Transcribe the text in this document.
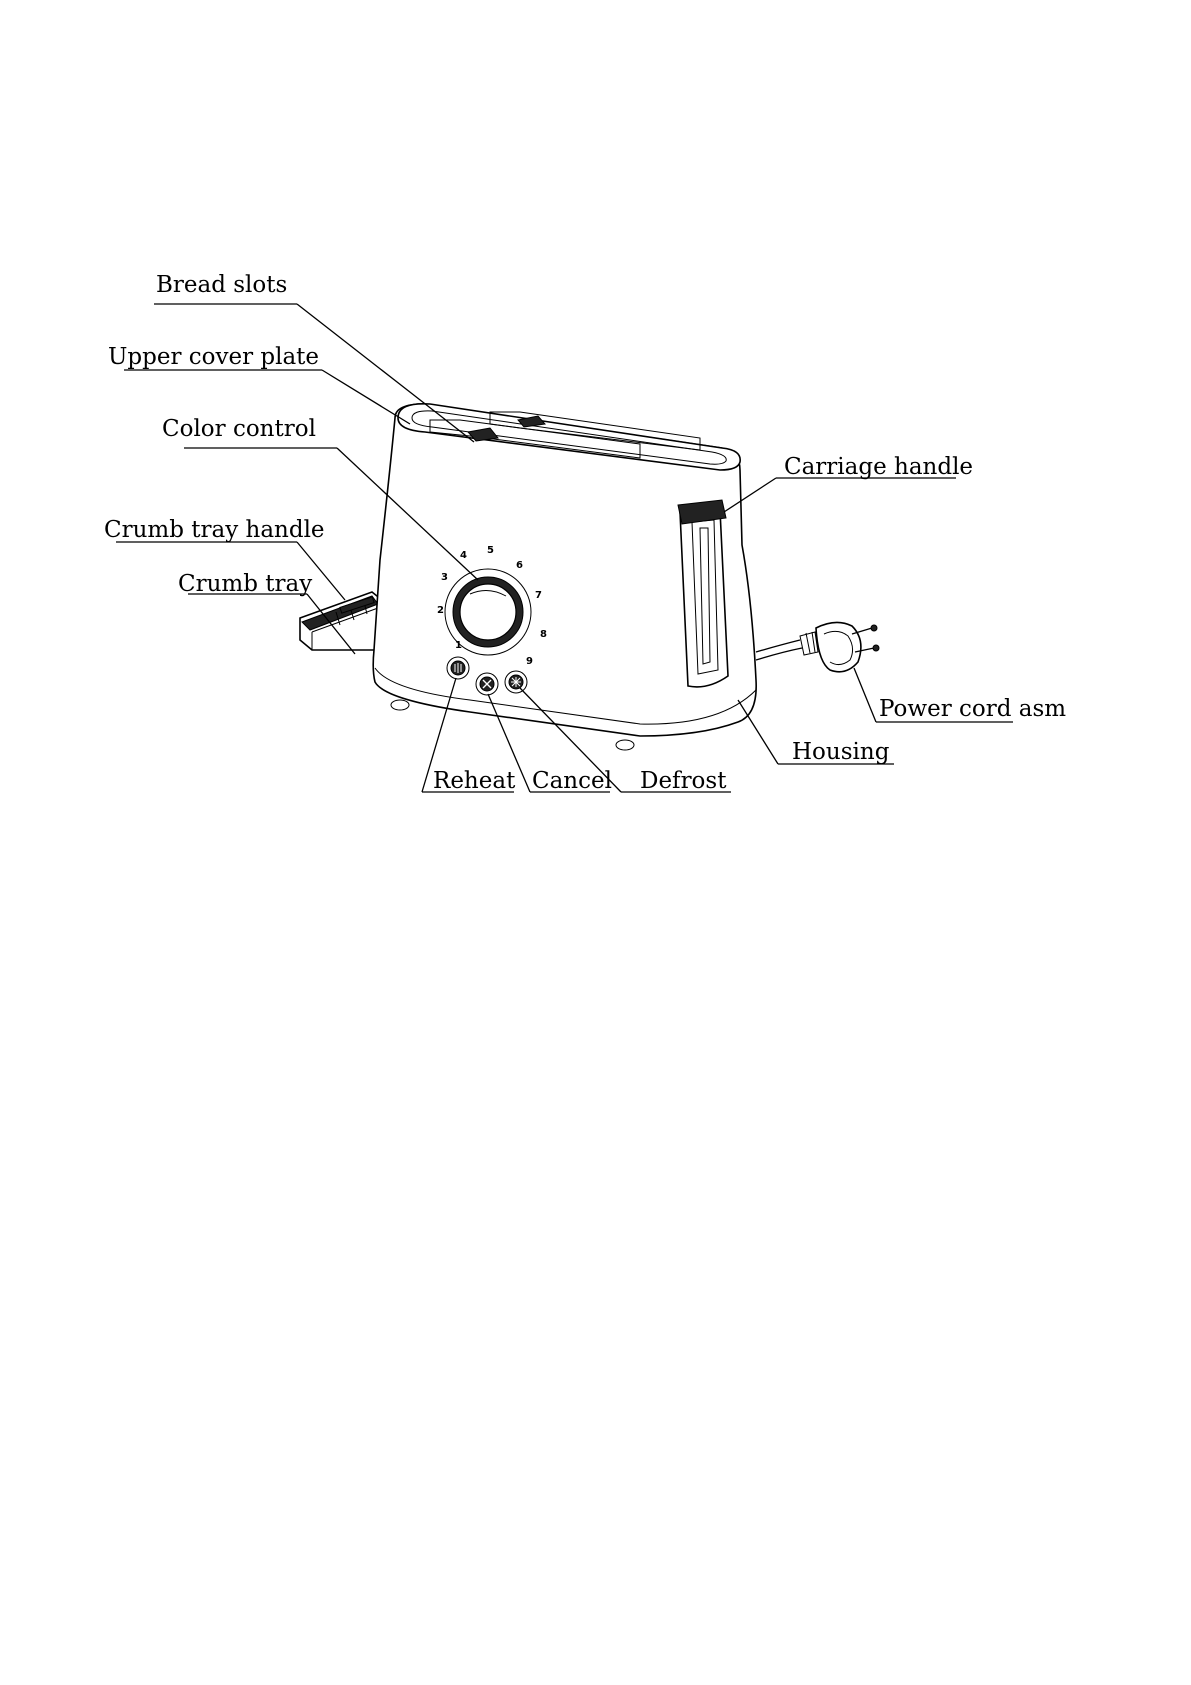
1
2
3
4 5
6
7
8
9
Bread slots
Upper cover plate
Color control
Crumb tray handle
Crumb tray
Carriage handle
Power cord asm
Housing
Reheat Cancel Defrost
